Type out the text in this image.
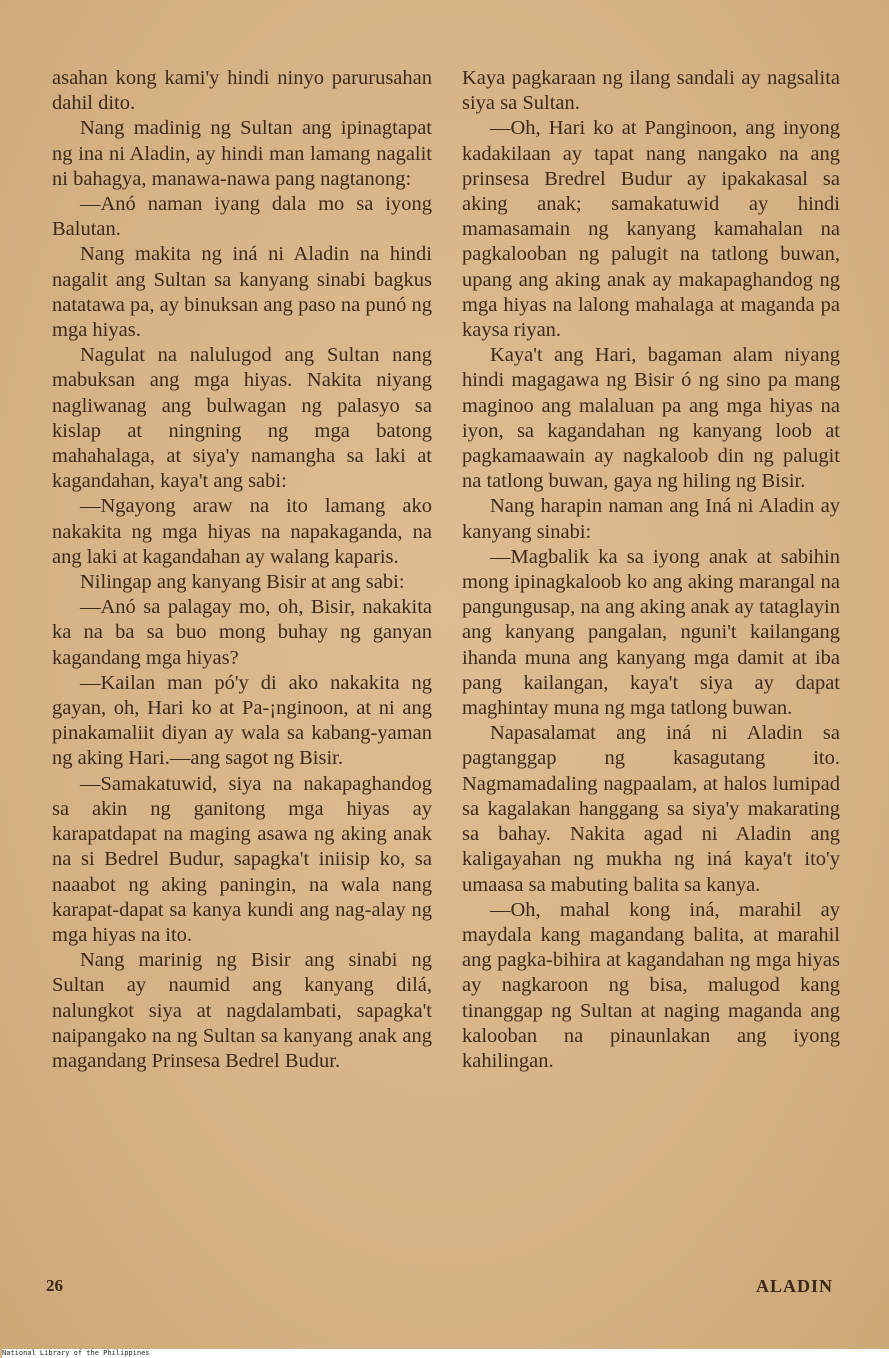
asahan kong kami'y hindi ninyo parurusahan dahil dito.

Nang madinig ng Sultan ang ipinagtapat ng ina ni Aladin, ay hindi man lamang nagalit ni bahagya, manawa-nawa pang nagtanong:

—Anó naman iyang dala mo sa iyong Balutan.

Nang makita ng iná ni Aladin na hindi nagalit ang Sultan sa kanyang sinabi bagkus natatawa pa, ay binuksan ang paso na punó ng mga hiyas.

Nagulat na nalulugod ang Sultan nang mabuksan ang mga hiyas. Nakita niyang nagliwanag ang bulwagan ng palasyo sa kislap at ningning ng mga batong mahahalaga, at siya'y namangha sa laki at kagandahan, kaya't ang sabi:

—Ngayong araw na ito lamang ako nakakita ng mga hiyas na napakaganda, na ang laki at kagandahan ay walang kaparis.

Nilingap ang kanyang Bisir at ang sabi:

—Anó sa palagay mo, oh, Bisir, nakakita ka na ba sa buo mong buhay ng ganyan kagandang mga hiyas?

—Kailan man pó'y di ako nakakita ng gayan, oh, Hari ko at Pa-¡nginoon, at ni ang pinakamaliit diyan ay wala sa kabang-yaman ng aking Hari.—ang sagot ng Bisir.

—Samakatuwid, siya na nakapaghandog sa akin ng ganitong mga hiyas ay karapatdapat na maging asawa ng aking anak na si Bedrel Budur, sapagka't iniisip ko, sa naaabot ng aking paningin, na wala nang karapat-dapat sa kanya kundi ang nag-alay ng mga hiyas na ito.

Nang marinig ng Bisir ang sinabi ng Sultan ay naumid ang kanyang dilá, nalungkot siya at nagdalambati, sapagka't naipangako na ng Sultan sa kanyang anak ang magandang Prinsesa Bedrel Budur.

Kaya pagkaraan ng ilang sandali ay nagsalita siya sa Sultan.

—Oh, Hari ko at Panginoon, ang inyong kadakilaan ay tapat nang nangako na ang prinsesa Bredrel Budur ay ipakakasal sa aking anak; samakatuwid ay hindi mamasamain ng kanyang kamahalan na pagkalooban ng palugit na tatlong buwan, upang ang aking anak ay makapaghandog ng mga hiyas na lalong mahalaga at maganda pa kaysa riyan.

Kaya't ang Hari, bagaman alam niyang hindi magagawa ng Bisir ó ng sino pa mang maginoo ang malaluan pa ang mga hiyas na iyon, sa kagandahan ng kanyang loob at pagkamaawain ay nagkaloob din ng palugit na tatlong buwan, gaya ng hiling ng Bisir.

Nang harapin naman ang Iná ni Aladin ay kanyang sinabi:

—Magbalik ka sa iyong anak at sabihin mong ipinagkaloob ko ang aking marangal na pangungusap, na ang aking anak ay tataglayin ang kanyang pangalan, nguni't kailangang ihanda muna ang kanyang mga damit at iba pang kailangan, kaya't siya ay dapat maghintay muna ng mga tatlong buwan.

Napasalamat ang iná ni Aladin sa pagtanggap ng kasagutang ito. Nagmamadaling nagpaalam, at halos lumipad sa kagalakan hanggang sa siya'y makarating sa bahay. Nakita agad ni Aladin ang kaligayahan ng mukha ng iná kaya't ito'y umaasa sa mabuting balita sa kanya.

—Oh, mahal kong iná, marahil ay maydala kang magandang balita, at marahil ang pagka-bihira at kagandahan ng mga hiyas ay nagkaroon ng bisa, malugod kang tinanggap ng Sultan at naging maganda ang kalooban na pinaunlakan ang iyong kahilingan.

26	ALADIN
National Library of the Philippines
